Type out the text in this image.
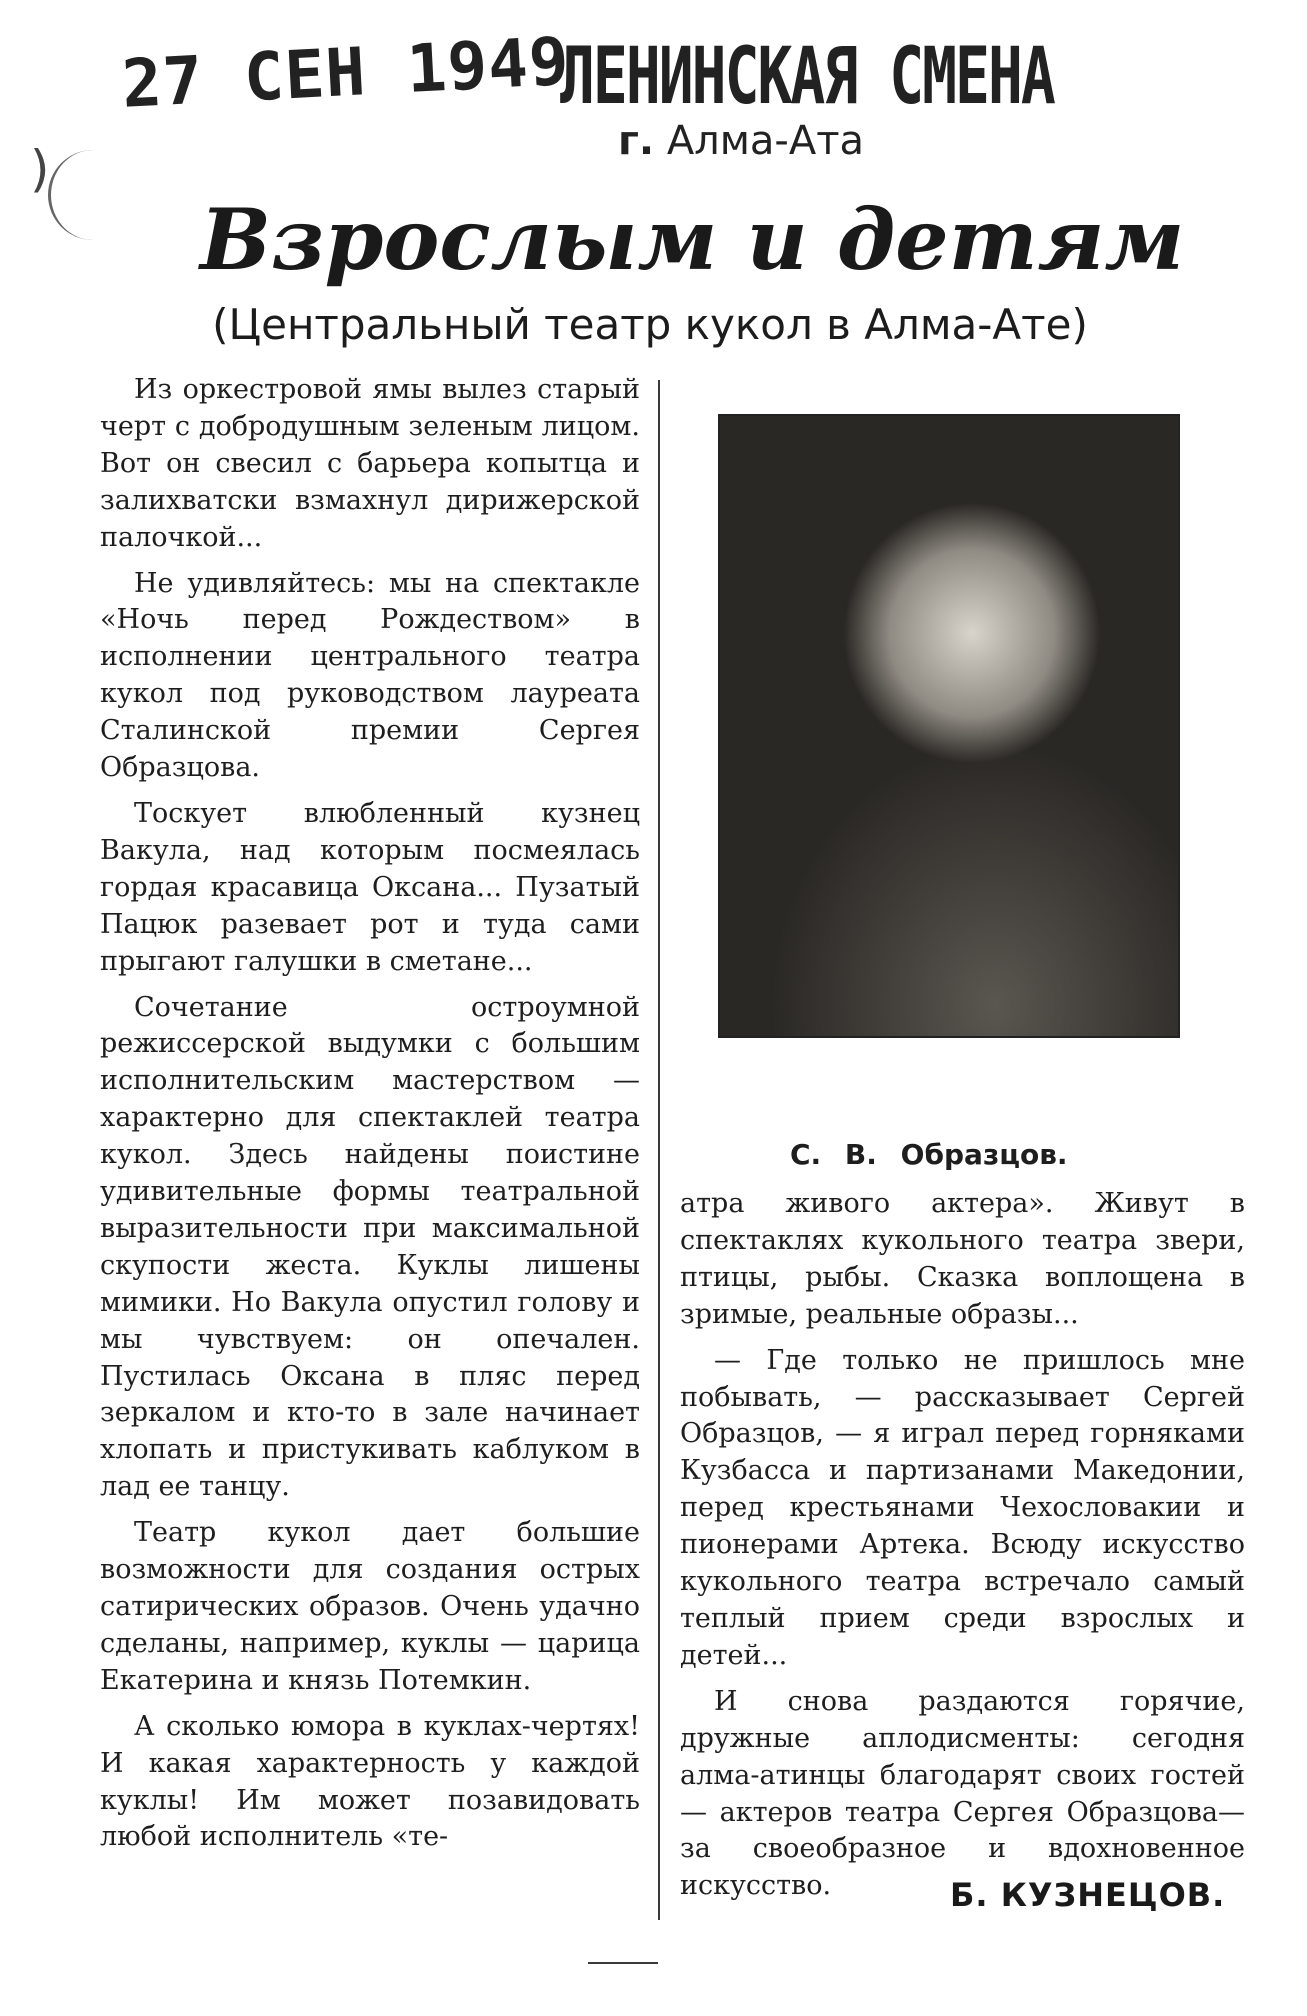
)
27 СЕН 1949
ЛЕНИНСКАЯ СМЕНА
г. Алма-Ата
Взрослым и детям
(Центральный театр кукол в Алма-Ате)

Из оркестровой ямы вылез старый черт с добродушным зеленым лицом. Вот он свесил с барьера копытца и залихватски взмахнул дирижерской палочкой...

Не удивляйтесь: мы на спектакле «Ночь перед Рождеством» в исполнении центрального театра кукол под руководством лауреата Сталинской премии Сергея Образцова.

Тоскует влюбленный кузнец Вакула, над которым посмеялась гордая красавица Оксана... Пузатый Пацюк разевает рот и туда сами прыгают галушки в сметане...

Сочетание остроумной режиссерской выдумки с большим исполнительским мастерством — характерно для спектаклей театра кукол. Здесь найдены поистине удивительные формы театральной выразительности при максимальной скупости жеста. Куклы лишены мимики. Но Вакула опустил голову и мы чувствуем: он опечален. Пустилась Оксана в пляс перед зеркалом и кто-то в зале начинает хлопать и пристукивать каблуком в лад ее танцу.

Театр кукол дает большие возможности для создания острых сатирических образов. Очень удачно сделаны, например, куклы — царица Екатерина и князь Потемкин.

А сколько юмора в куклах-чертях! И какая характерность у каждой куклы! Им может позавидовать любой исполнитель «те-

С. В. Образцов.

атра живого актера». Живут в спектаклях кукольного театра звери, птицы, рыбы. Сказка воплощена в зримые, реальные образы...

— Где только не пришлось мне побывать, — рассказывает Сергей Образцов, — я играл перед горняками Кузбасса и партизанами Македонии, перед крестьянами Чехословакии и пионерами Артека. Всюду искусство кукольного театра встречало самый теплый прием среди взрослых и детей...

И снова раздаются горячие, дружные аплодисменты: сегодня алма-атинцы благодарят своих гостей — актеров театра Сергея Образцова—за своеобразное и вдохновенное искусство.	Б. КУЗНЕЦОВ.
